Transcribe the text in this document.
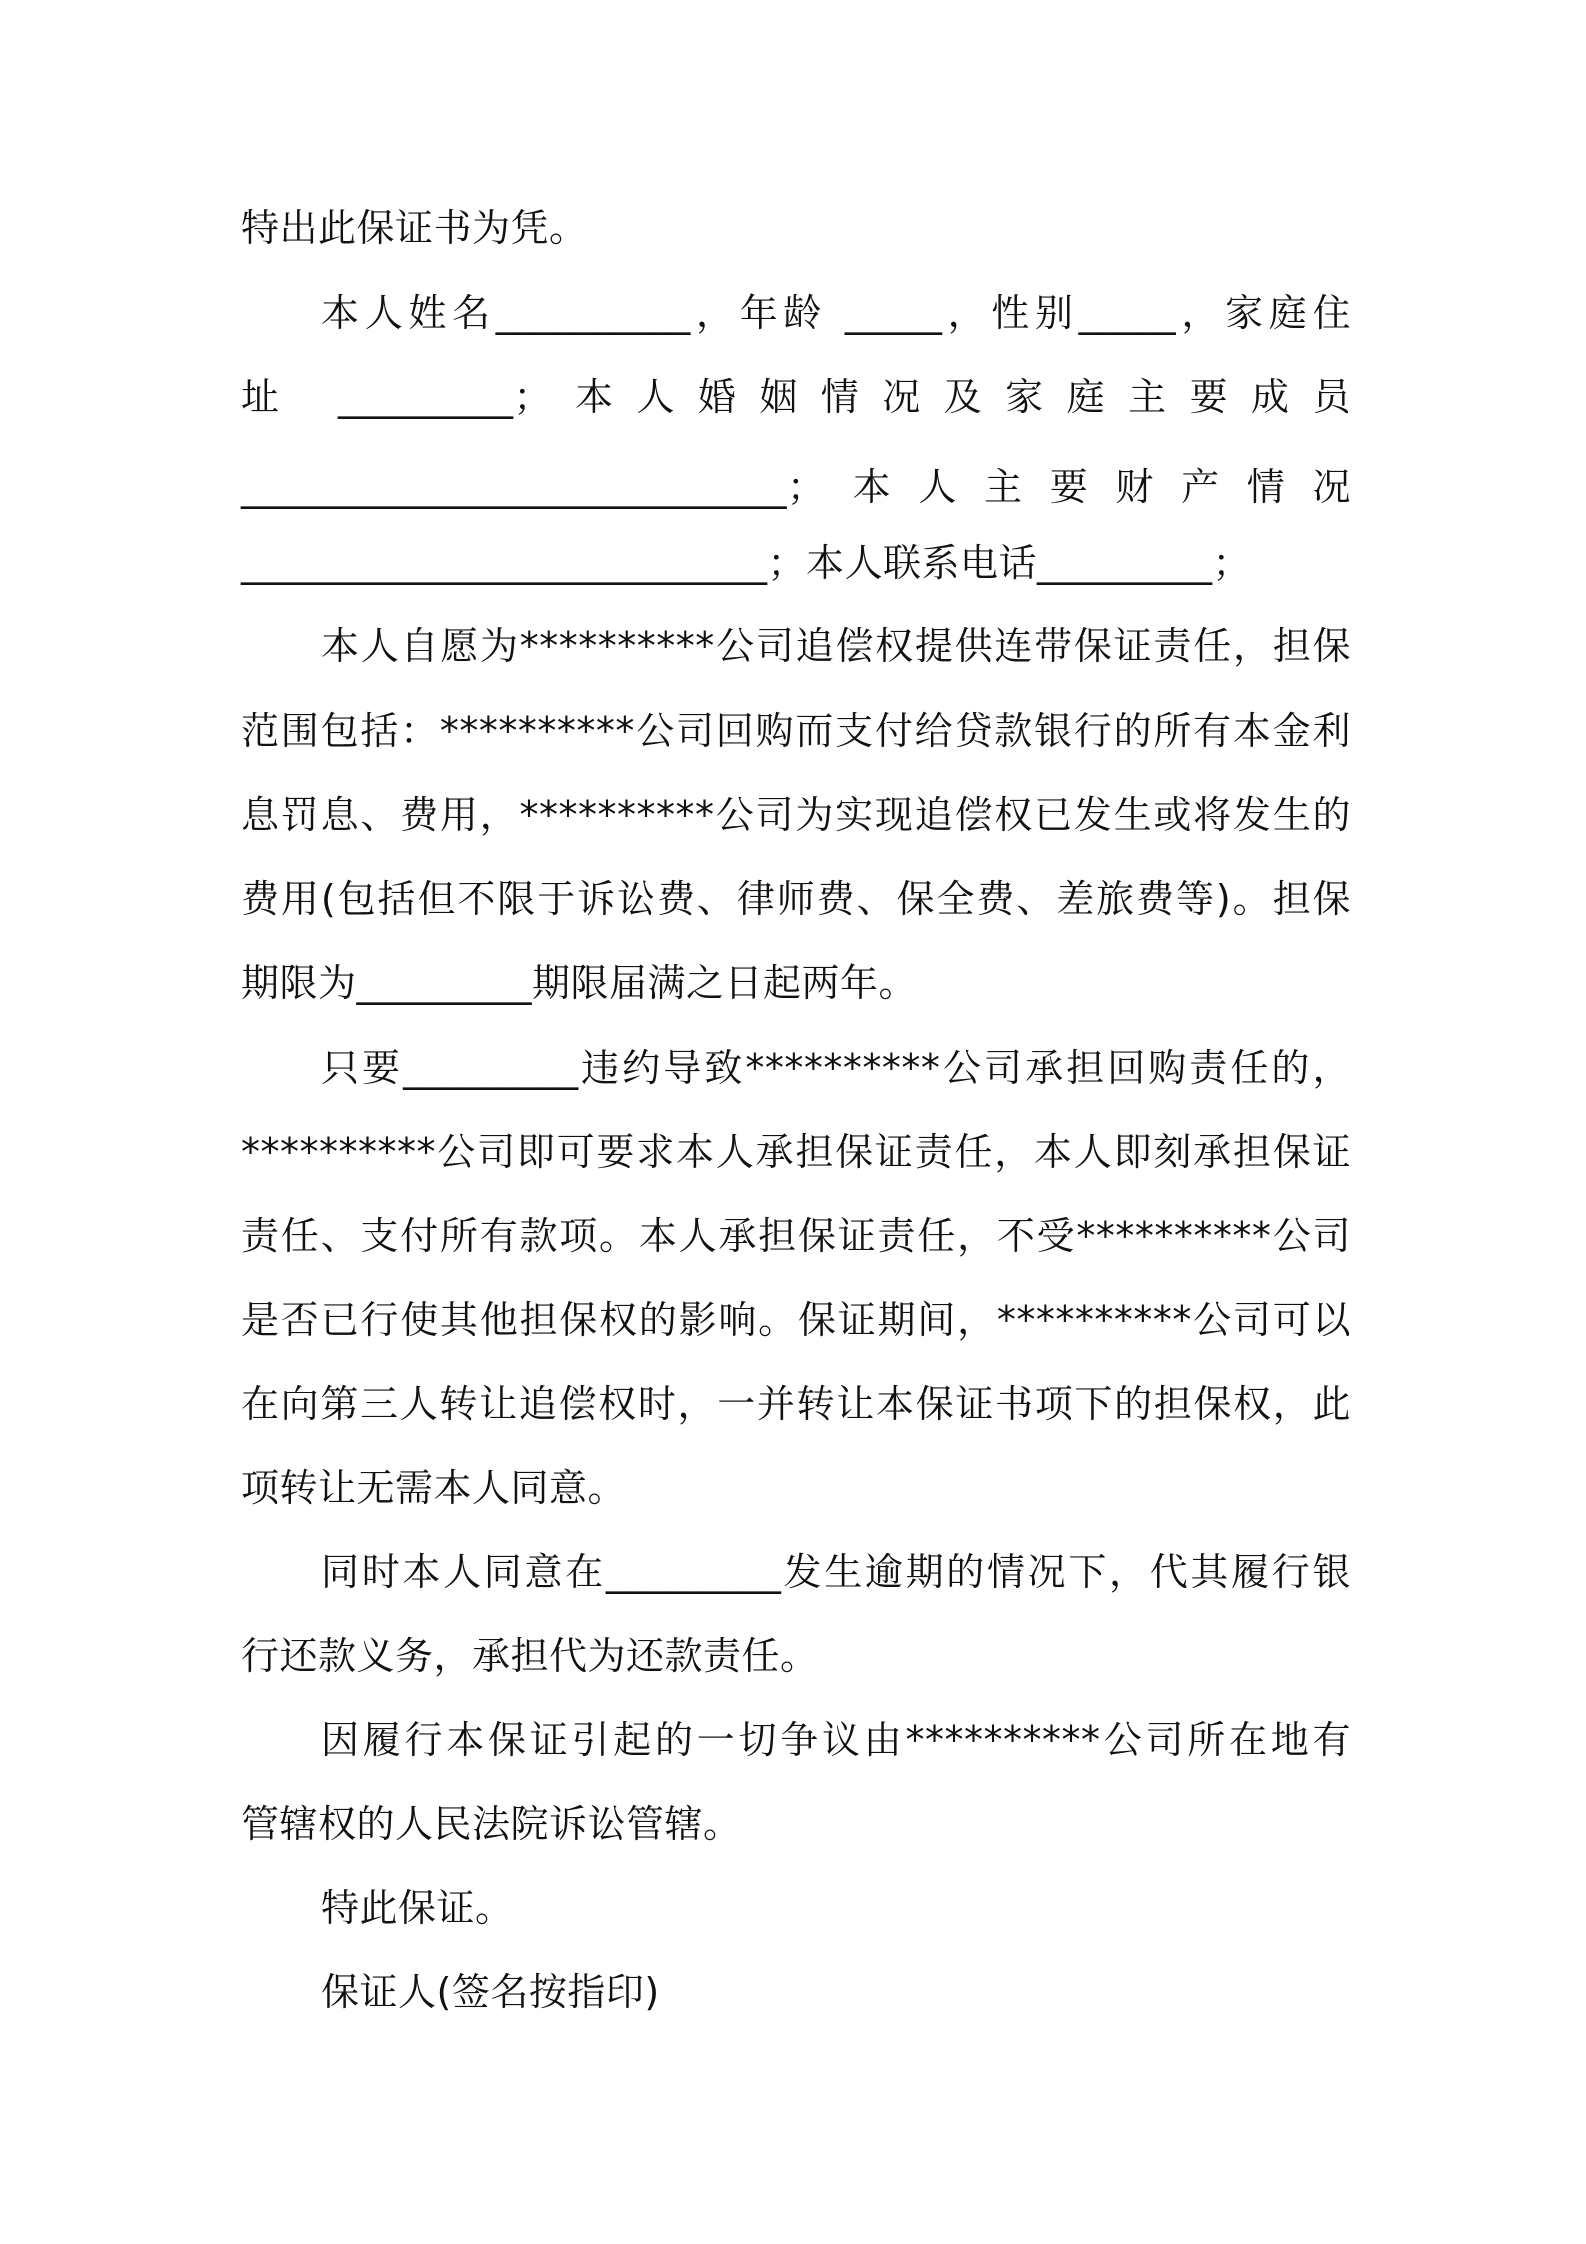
特出此保证书为凭。
本人姓名__________，年龄 _____，性别_____，家庭住
址 _________；本人婚姻情况及家庭主要成员
____________________________；本人主要财产情况
___________________________；本人联系电话_________；
本人自愿为**********公司追偿权提供连带保证责任，担保
范围包括：**********公司回购而支付给贷款银行的所有本金利
息罚息、费用，**********公司为实现追偿权已发生或将发生的
费用(包括但不限于诉讼费、律师费、保全费、差旅费等)。担保
期限为_________期限届满之日起两年。
只要_________违约导致**********公司承担回购责任的，
**********公司即可要求本人承担保证责任，本人即刻承担保证
责任、支付所有款项。本人承担保证责任，不受**********公司
是否已行使其他担保权的影响。保证期间，**********公司可以
在向第三人转让追偿权时，一并转让本保证书项下的担保权，此
项转让无需本人同意。
同时本人同意在_________发生逾期的情况下，代其履行银
行还款义务，承担代为还款责任。
因履行本保证引起的一切争议由**********公司所在地有
管辖权的人民法院诉讼管辖。
特此保证。
保证人(签名按指印)
